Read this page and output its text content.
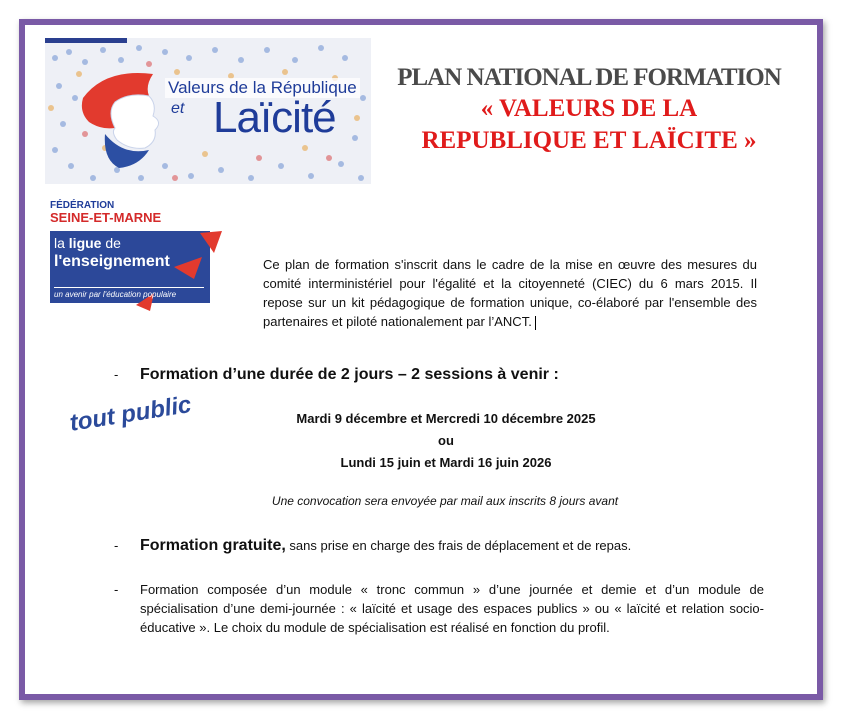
Valeurs de la République
et Laïcité
PLAN NATIONAL DE FORMATION
« VALEURS DE LA
REPUBLIQUE ET LAÏCITE »
FÉDÉRATION
SEINE-ET-MARNE
la ligue de
l'enseignement
un avenir par l'éducation populaire
Ce plan de formation s'inscrit dans le cadre de la mise en œuvre des mesures du comité interministériel pour l'égalité et la citoyenneté (CIEC) du 6 mars 2015. Il repose sur un kit pédagogique de formation unique, co-élaboré par l'ensemble des partenaires et piloté nationalement par l’ANCT.
- Formation d’une durée de 2 jours – 2 sessions à venir :
tout public	Mardi 9 décembre et Mercredi 10 décembre 2025
ou
Lundi 15 juin et Mardi 16 juin 2026
Une convocation sera envoyée par mail aux inscrits 8 jours avant
- Formation gratuite, sans prise en charge des frais de déplacement et de repas.
- Formation composée d’un module « tronc commun » d’une journée et demie et d’un module de spécialisation d’une demi-journée : « laïcité et usage des espaces publics » ou « laïcité et relation socio-éducative ». Le choix du module de spécialisation est réalisé en fonction du profil.
